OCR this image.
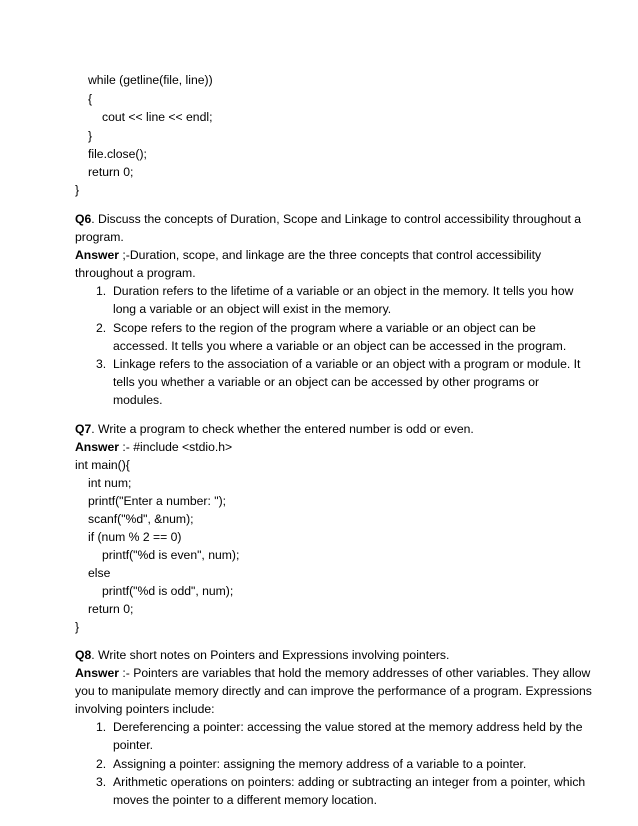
while (getline(file, line))
{
cout << line << endl;
}
file.close();
return 0;
}
Q6. Discuss the concepts of Duration, Scope and Linkage to control accessibility throughout a
program.
Answer ;-Duration, scope, and linkage are the three concepts that control accessibility
throughout a program.
1. Duration refers to the lifetime of a variable or an object in the memory. It tells you how
long a variable or an object will exist in the memory.
2. Scope refers to the region of the program where a variable or an object can be
accessed. It tells you where a variable or an object can be accessed in the program.
3. Linkage refers to the association of a variable or an object with a program or module. It
tells you whether a variable or an object can be accessed by other programs or
modules.
Q7. Write a program to check whether the entered number is odd or even.
Answer :- #include <stdio.h>
int main(){
int num;
printf("Enter a number: ");
scanf("%d", &num);
if (num % 2 == 0)
printf("%d is even", num);
else
printf("%d is odd", num);
return 0;
}
Q8. Write short notes on Pointers and Expressions involving pointers.
Answer :- Pointers are variables that hold the memory addresses of other variables. They allow
you to manipulate memory directly and can improve the performance of a program. Expressions
involving pointers include:
1. Dereferencing a pointer: accessing the value stored at the memory address held by the
pointer.
2. Assigning a pointer: assigning the memory address of a variable to a pointer.
3. Arithmetic operations on pointers: adding or subtracting an integer from a pointer, which
moves the pointer to a different memory location.
